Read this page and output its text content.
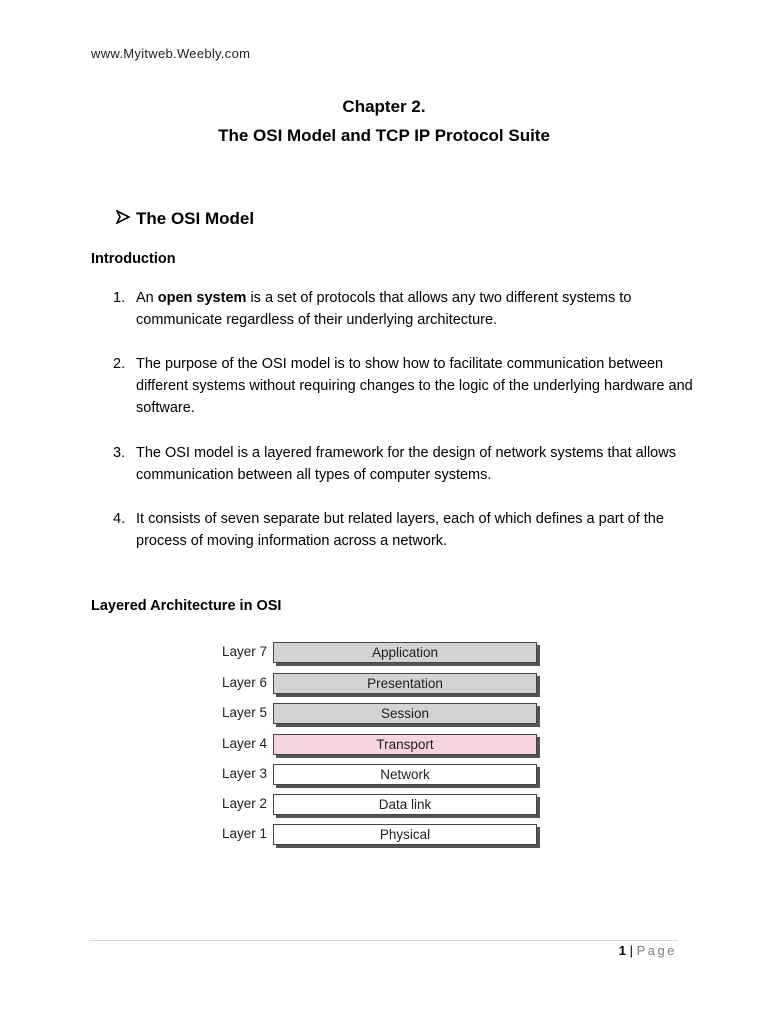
www.Myitweb.Weebly.com
Chapter 2.
The OSI Model and TCP IP Protocol Suite
The OSI Model
Introduction
1. An open system is a set of protocols that allows any two different systems to communicate regardless of their underlying architecture.
2. The purpose of the OSI model is to show how to facilitate communication between different systems without requiring changes to the logic of the underlying hardware and software.
3. The OSI model is a layered framework for the design of network systems that allows communication between all types of computer systems.
4. It consists of seven separate but related layers, each of which defines a part of the process of moving information across a network.
Layered Architecture in OSI
Layer 7	Application
Layer 6	Presentation
Layer 5	Session
Layer 4	Transport
Layer 3	Network
Layer 2	Data link
Layer 1	Physical
1 | Page
